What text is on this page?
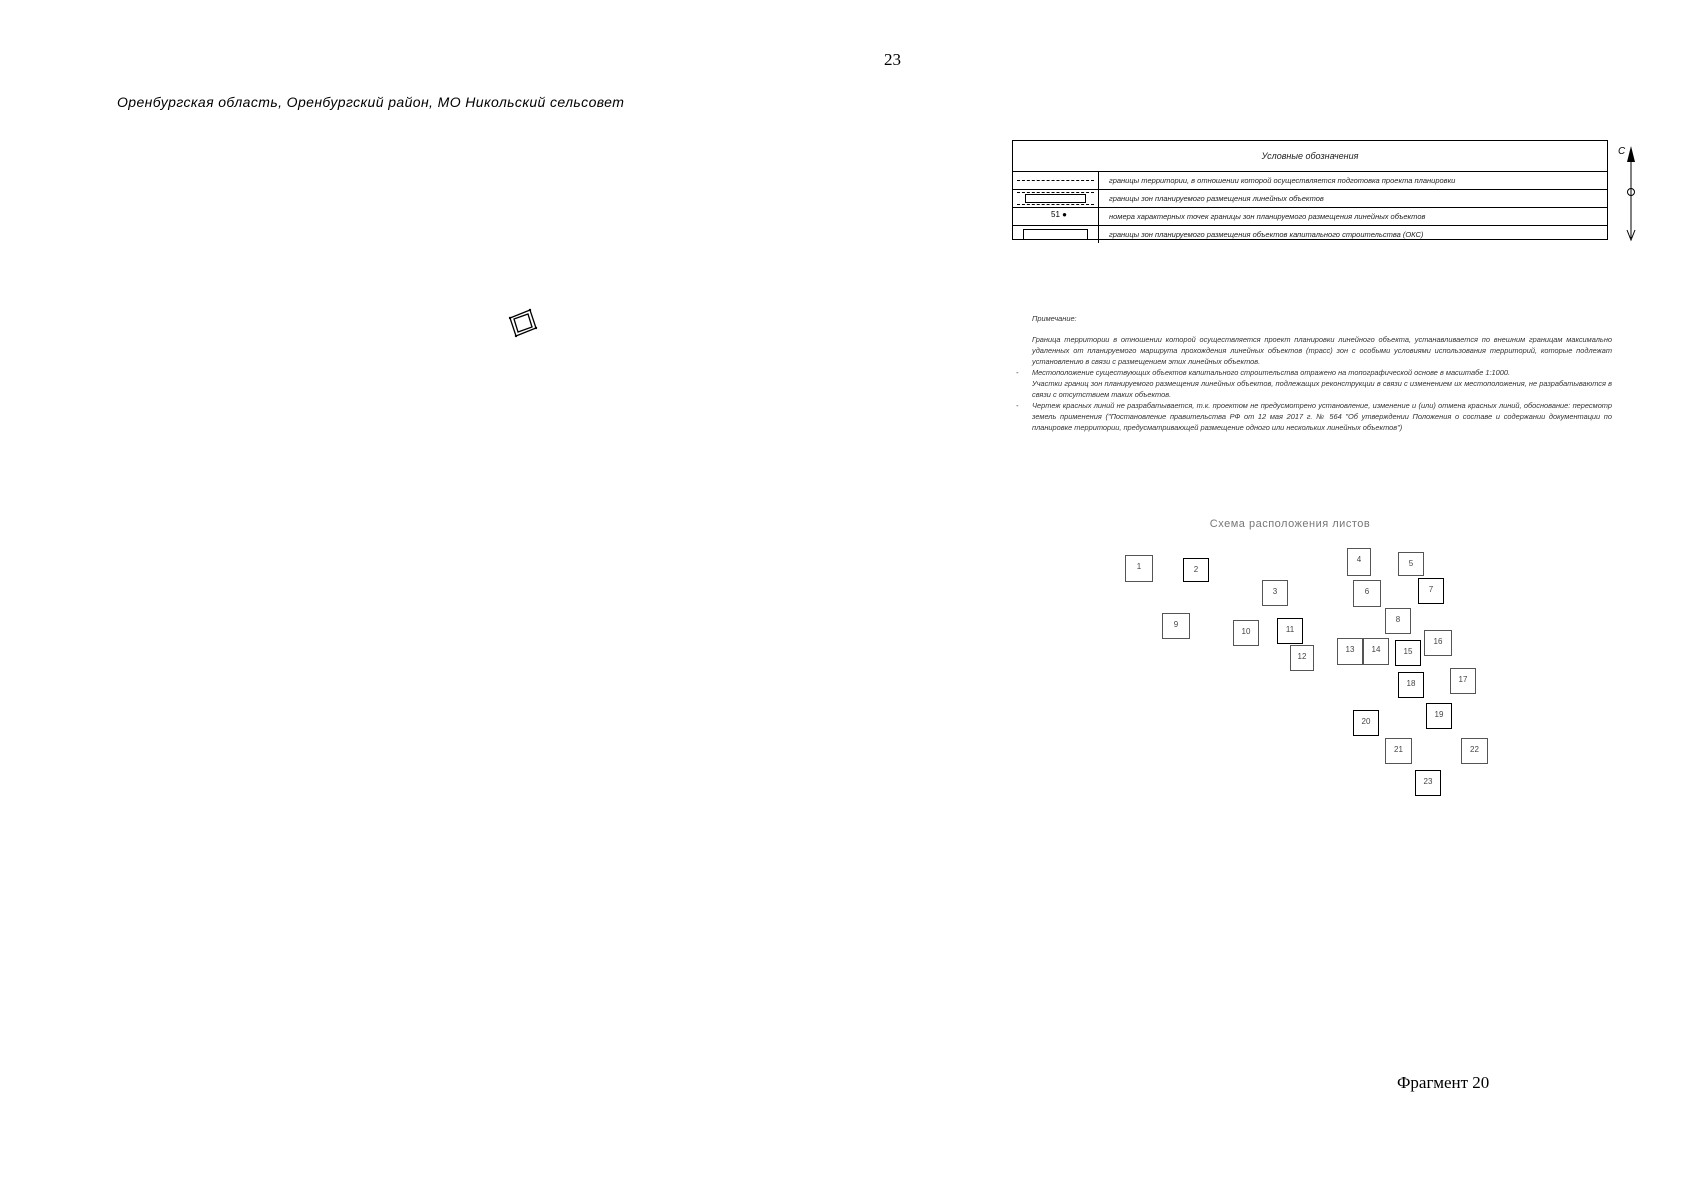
23
Оренбургская область, Оренбургский район, МО Никольский сельсовет
Условные обозначения
границы территории, в отношении которой осуществляется подготовка проекта планировки
границы зон планируемого размещения линейных объектов
51 ●	номера характерных точек границы зон планируемого размещения линейных объектов
границы зон планируемого размещения объектов капитального строительства (ОКС)
С
Примечание:
Граница территории в отношении которой осуществляется проект планировки линейного объекта, устанавливается по внешним границам максимально удаленных от планируемого маршрута прохождения линейных объектов (трасс) зон с особыми условиями использования территорий, которые подлежат установлению в связи с размещением этих линейных объектов.
- Местоположение существующих объектов капитального строительства отражено на топографической основе в масштабе 1:1000.
Участки границ зон планируемого размещения линейных объектов, подлежащих реконструкции в связи с изменением их местоположения, не разрабатываются в связи с отсутствием таких объектов.
- Чертеж красных линий не разрабатывается, т.к. проектом не предусмотрено установление, изменение и (или) отмена красных линий, обоснование: пересмотр земель применения ("Постановление правительства РФ от 12 мая 2017 г. № 564 "Об утверждении Положения о составе и содержании документации по планировке территории, предусматривающей размещение одного или нескольких линейных объектов")
Схема расположения листов
1	2
3
4	5
6	7
8
9
10	11
12
13	14	15
16
17
18
19
20
21	22
23
Фрагмент 20
